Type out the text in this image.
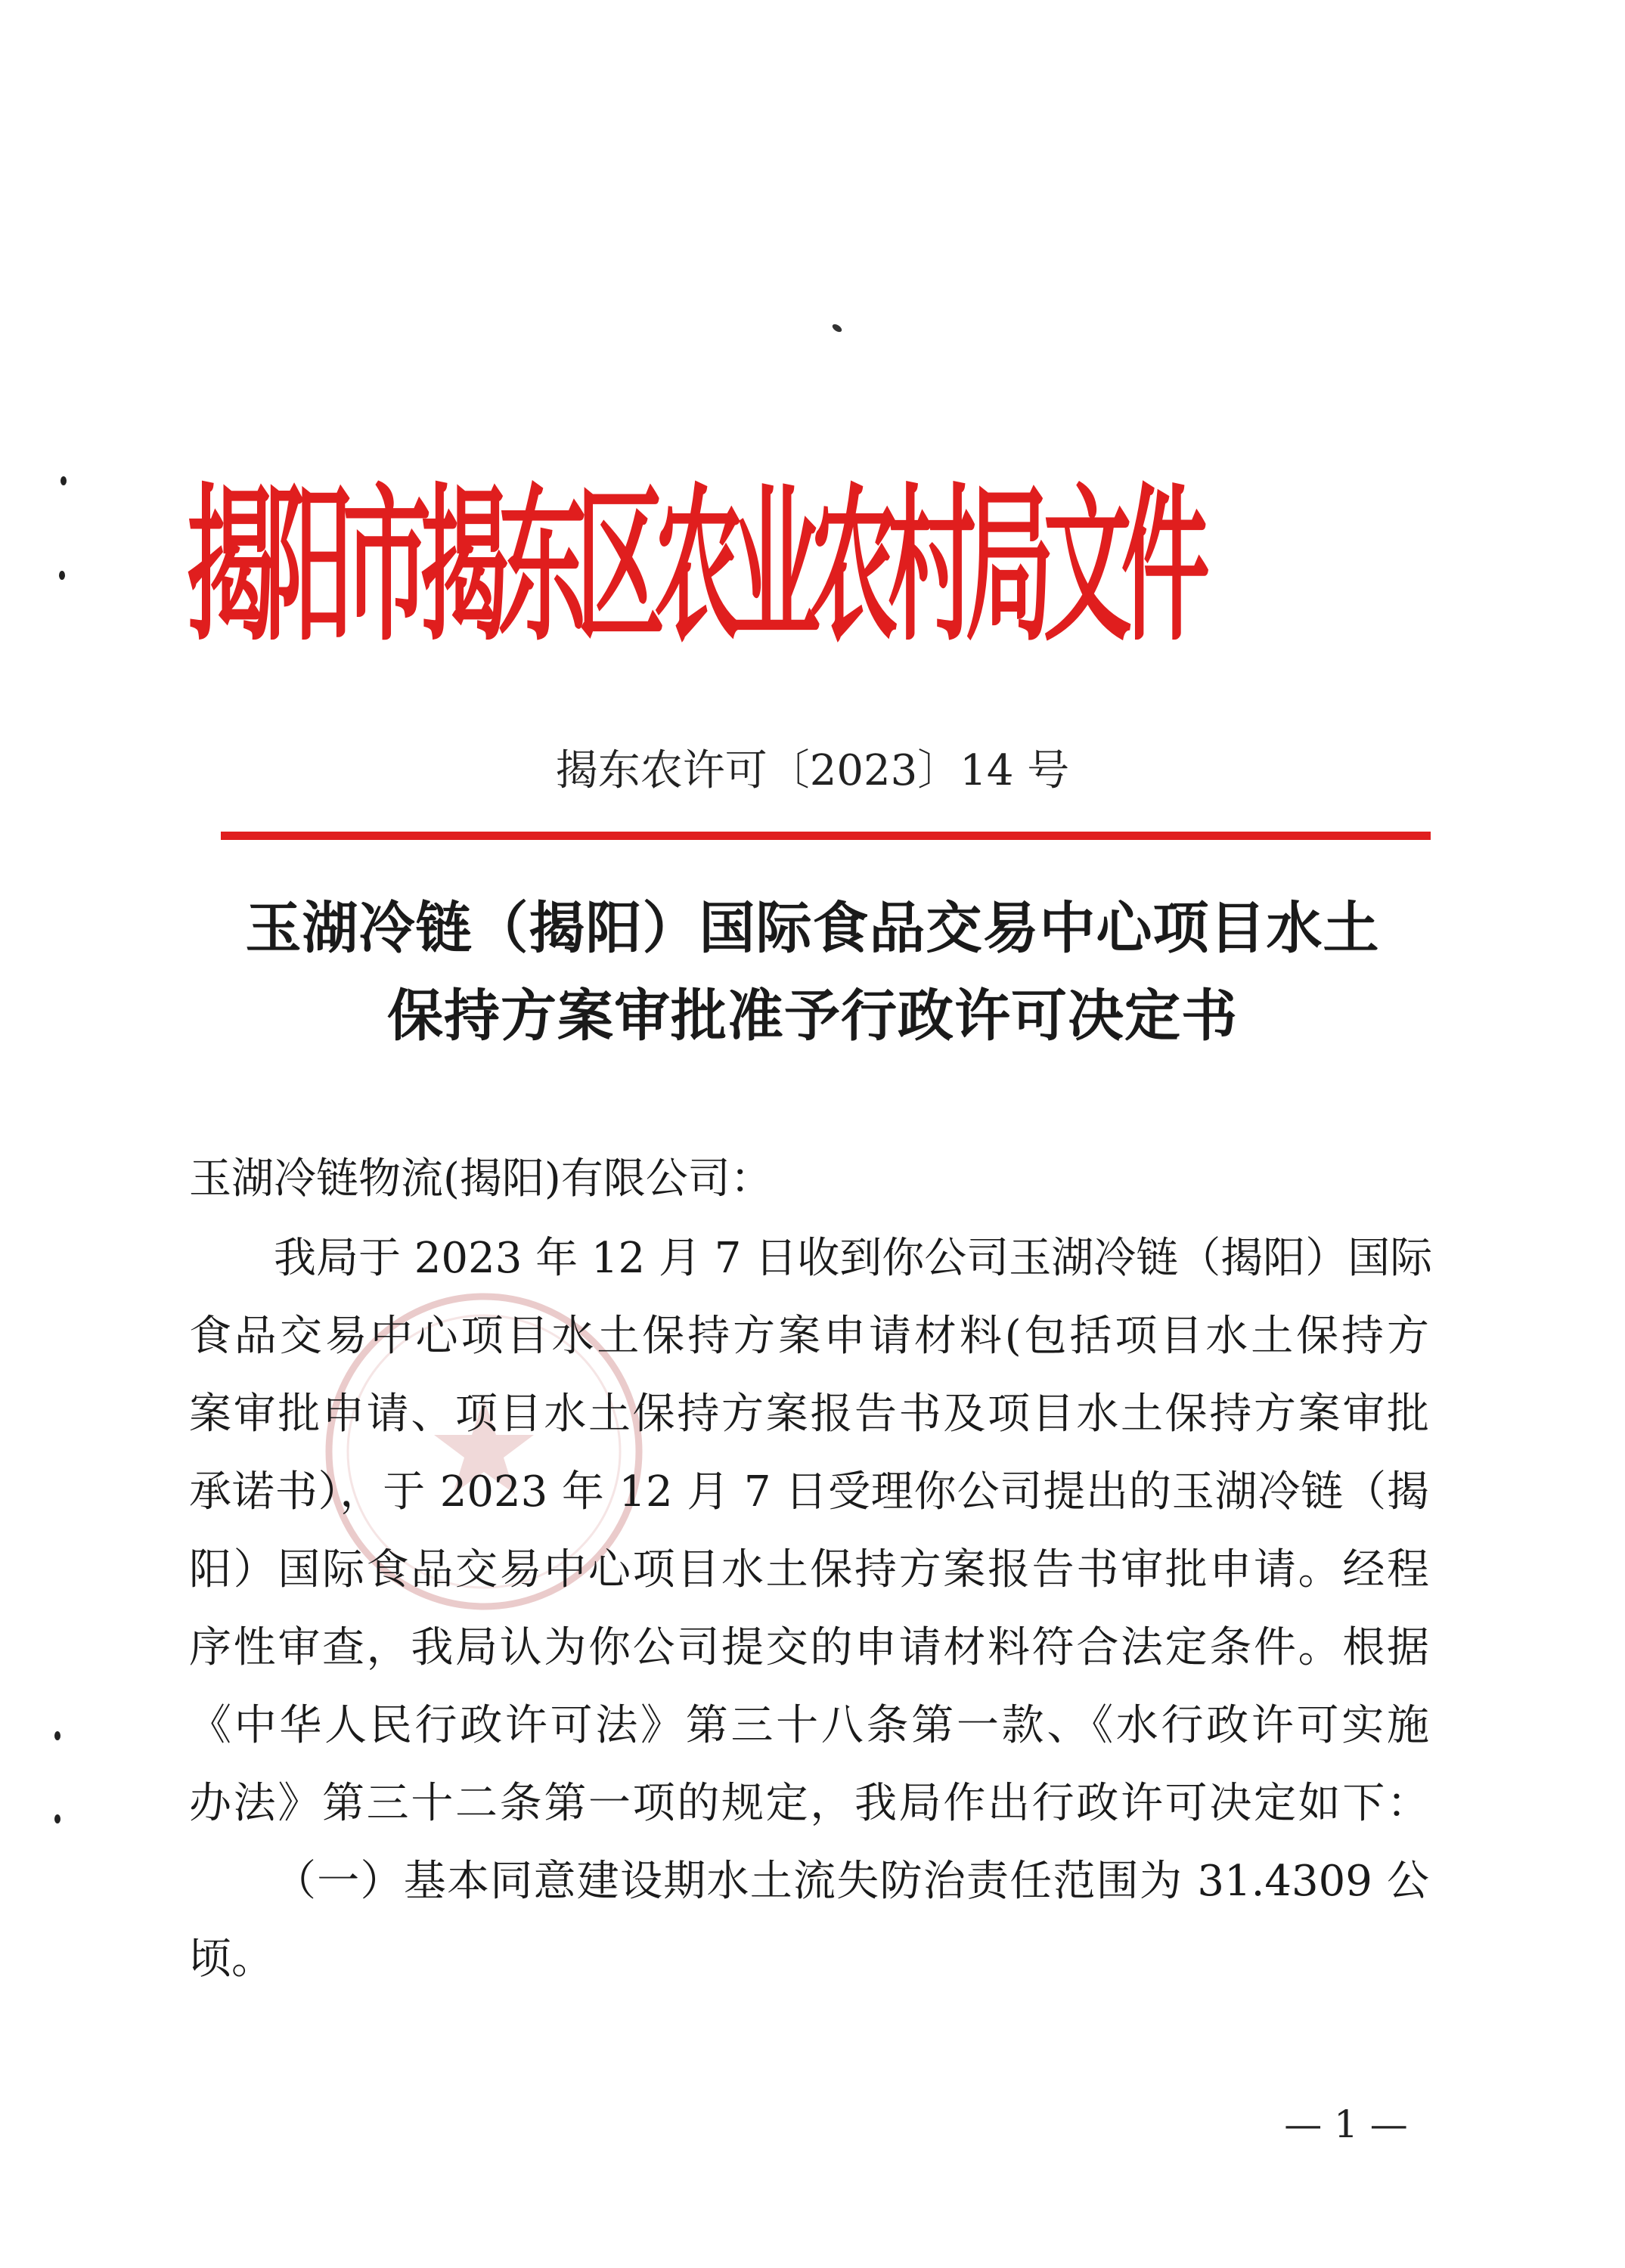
揭阳市揭东区农业农村局文件
揭东农许可〔2023〕14 号
玉湖冷链（揭阳）国际食品交易中心项目水土
保持方案审批准予行政许可决定书
玉湖冷链物流(揭阳)有限公司：
我局于 2023 年 12 月 7 日收到你公司玉湖冷链（揭阳）国际
食品交易中心项目水土保持方案申请材料(包括项目水土保持方
案审批申请、项目水土保持方案报告书及项目水土保持方案审批
承诺书），于 2023 年 12 月 7 日受理你公司提出的玉湖冷链（揭
阳）国际食品交易中心项目水土保持方案报告书审批申请。经程
序性审查，我局认为你公司提交的申请材料符合法定条件。根据
《中华人民行政许可法》第三十八条第一款、《水行政许可实施
办法》第三十二条第一项的规定，我局作出行政许可决定如下：
（一）基本同意建设期水土流失防治责任范围为 31.4309 公
顷。
— 1 —
